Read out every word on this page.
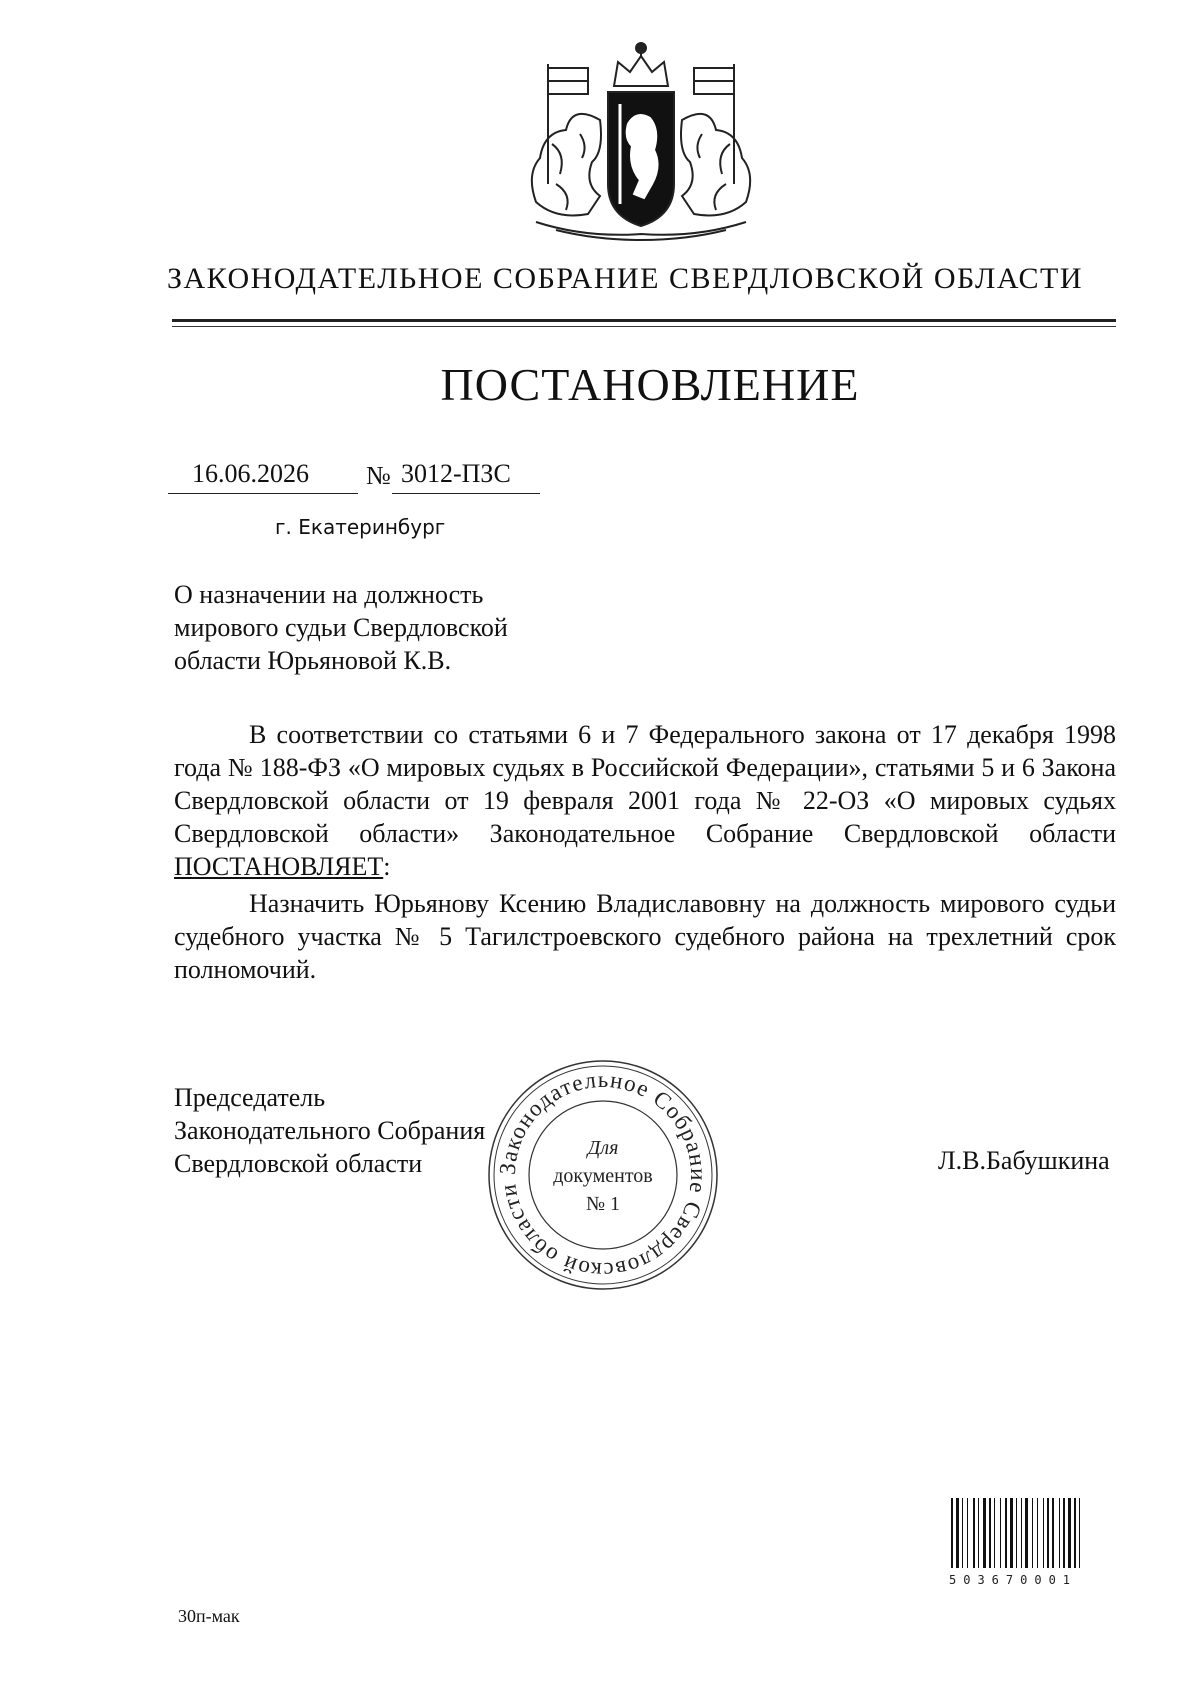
ЗАКОНОДАТЕЛЬНОЕ СОБРАНИЕ СВЕРДЛОВСКОЙ ОБЛАСТИ
ПОСТАНОВЛЕНИЕ
16.06.2026 № 3012-ПЗС
г. Екатеринбург
О назначении на должность
мирового судьи Свердловской
области Юрьяновой К.В.
В соответствии со статьями 6 и 7 Федерального закона от 17 декабря 1998 года № 188-ФЗ «О мировых судьях в Российской Федерации», статьями 5 и 6 Закона Свердловской области от 19 февраля 2001 года № 22-ОЗ «О мировых судьях Свердловской области» Законодательное Собрание Свердловской области ПОСТАНОВЛЯЕТ:
Назначить Юрьянову Ксению Владиславовну на должность мирового судьи судебного участка № 5 Тагилстроевского судебного района на трехлетний срок полномочий.
Председатель
Законодательного Собрания
Свердловской области	Л.В.Бабушкина
Законодательное Собрание Свердловской области
Для
документов
№ 1
503670001
30п-мак
